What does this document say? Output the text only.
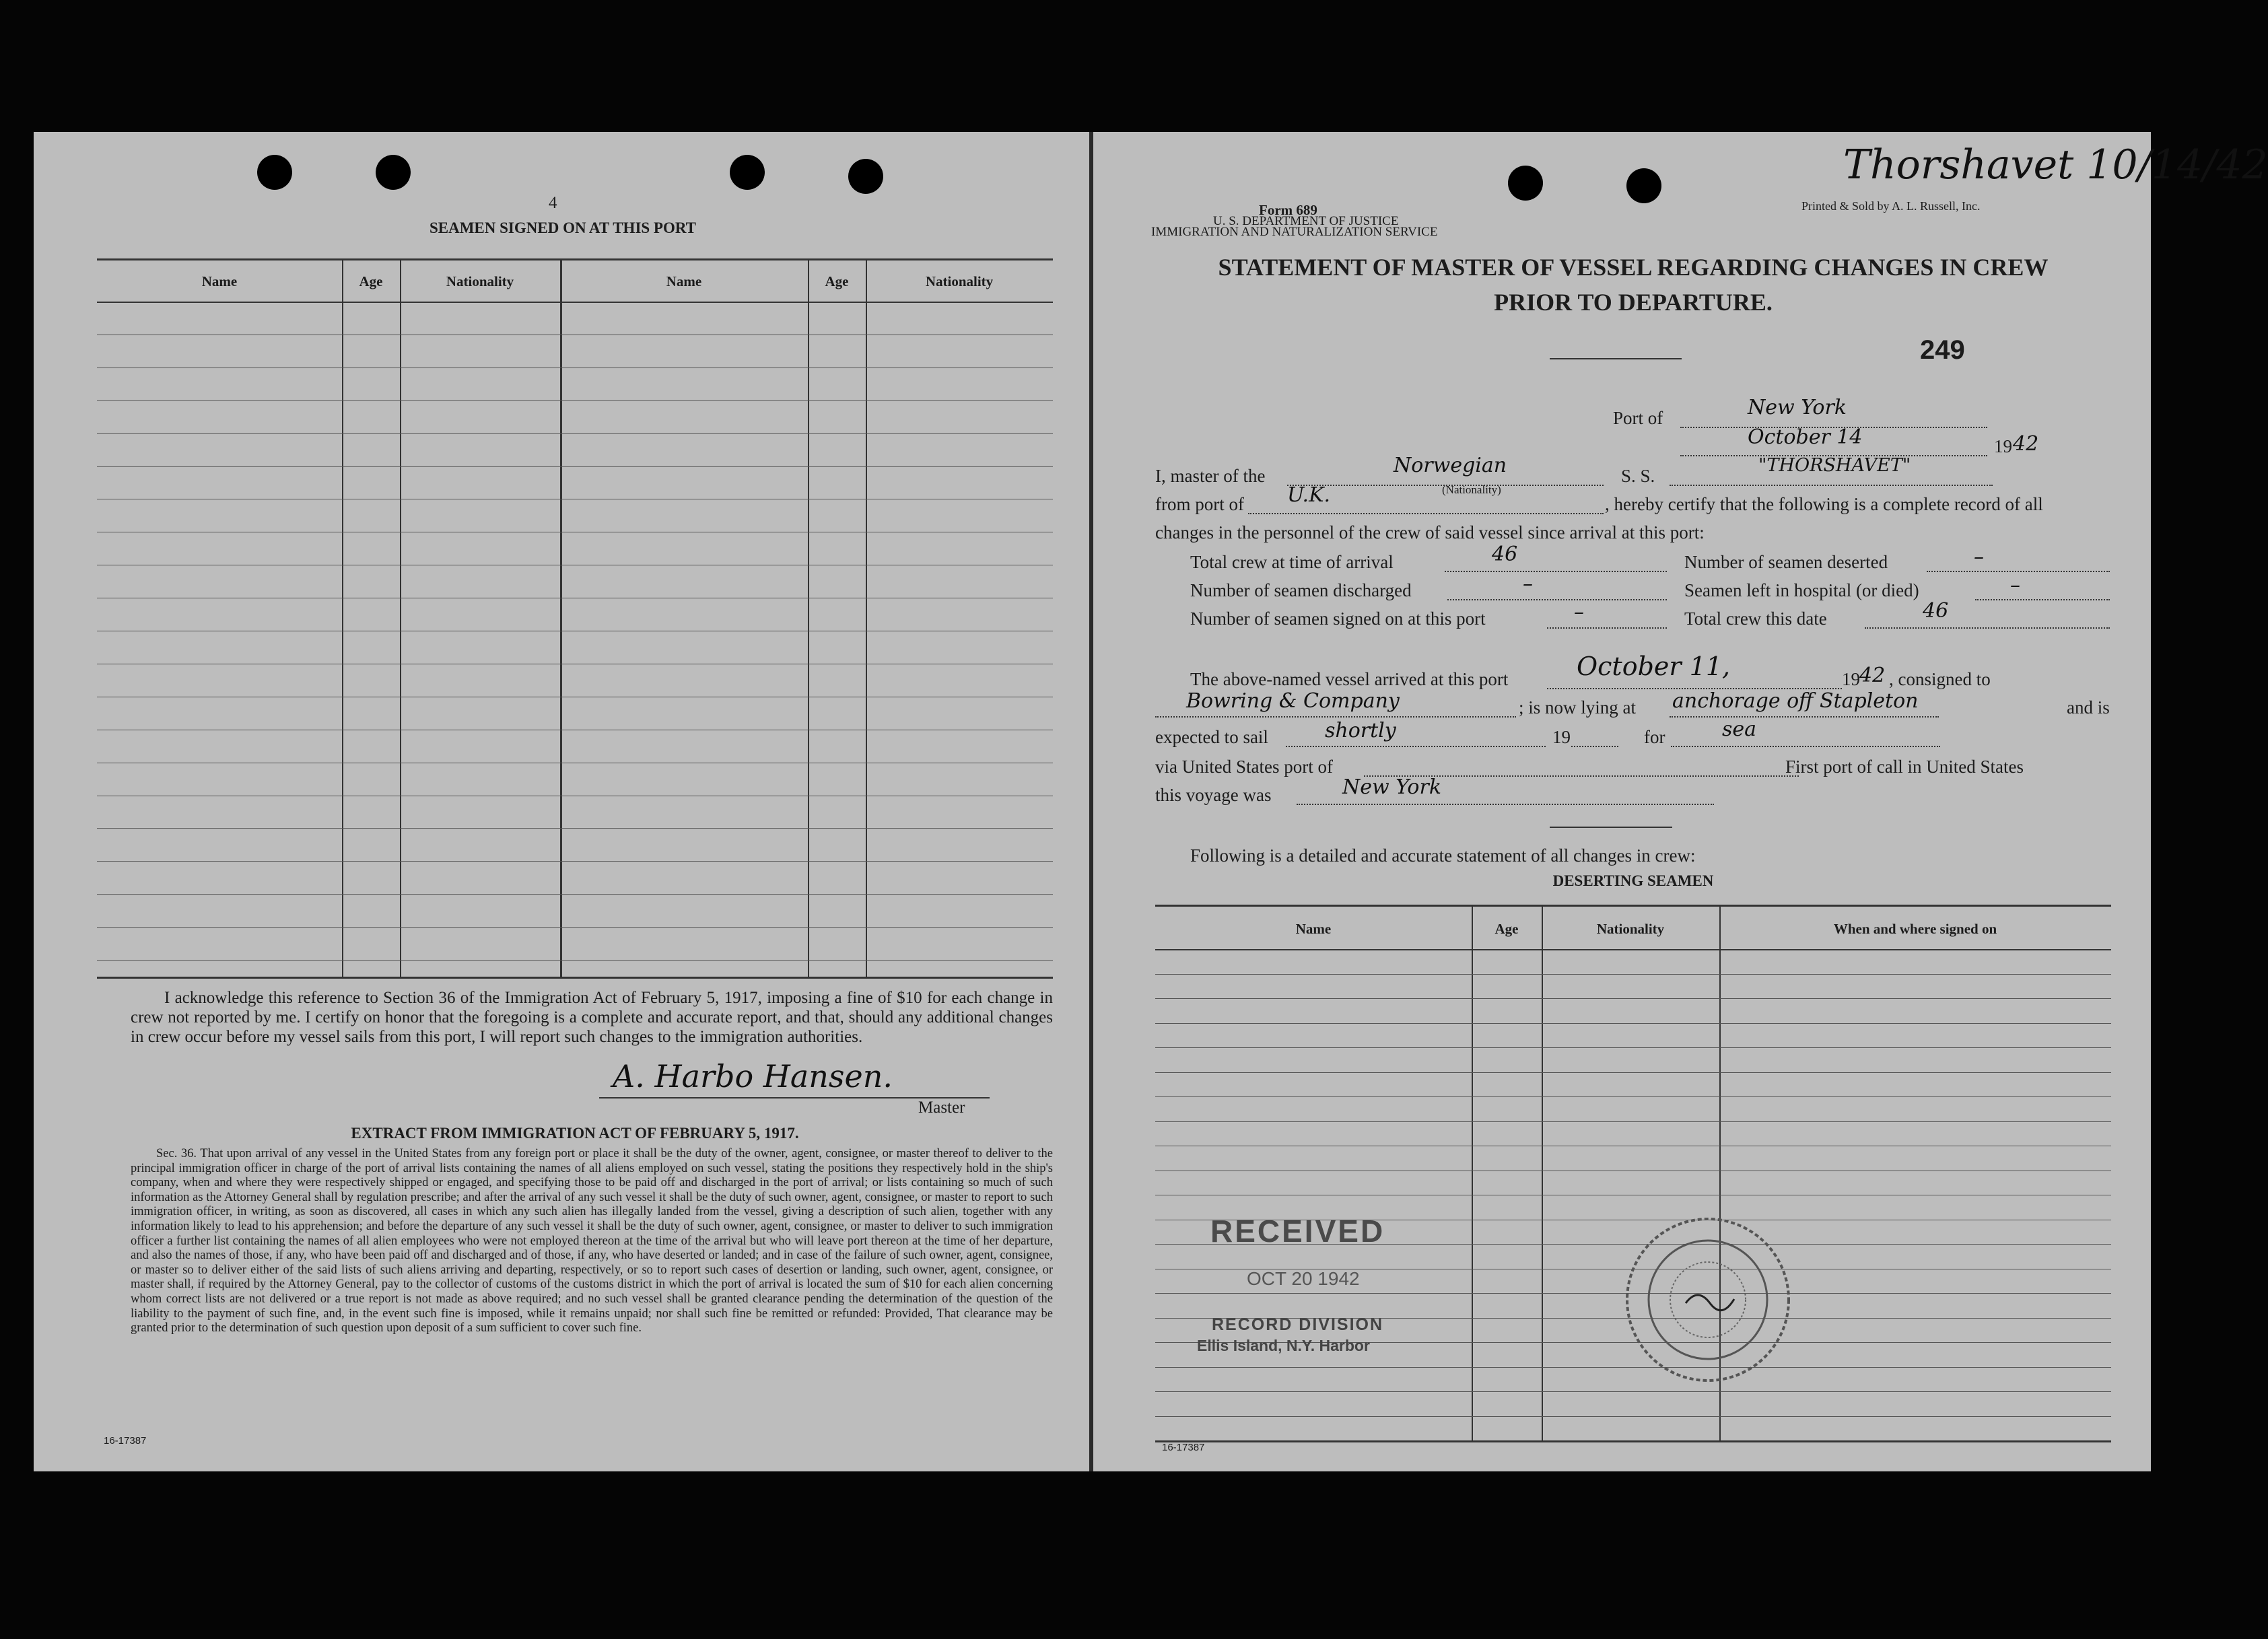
4
SEAMEN SIGNED ON AT THIS PORT
Name	Age	Nationality	Name	Age	Nationality
I acknowledge this reference to Section 36 of the Immigration Act of February 5, 1917, imposing a fine of $10 for each change in crew not reported by me. I certify on honor that the foregoing is a complete and accurate report, and that, should any additional changes in crew occur before my vessel sails from this port, I will report such changes to the immigration authorities.
A. Harbo Hansen.
Master
EXTRACT FROM IMMIGRATION ACT OF FEBRUARY 5, 1917.
Sec. 36. That upon arrival of any vessel in the United States from any foreign port or place it shall be the duty of the owner, agent, consignee, or master thereof to deliver to the principal immigration officer in charge of the port of arrival lists containing the names of all aliens employed on such vessel, stating the positions they respectively hold in the ship's company, when and where they were respectively shipped or engaged, and specifying those to be paid off and discharged in the port of arrival; or lists containing so much of such information as the Attorney General shall by regulation prescribe; and after the arrival of any such vessel it shall be the duty of such owner, agent, consignee, or master to report to such immigration officer, in writing, as soon as discovered, all cases in which any such alien has illegally landed from the vessel, giving a description of such alien, together with any information likely to lead to his apprehension; and before the departure of any such vessel it shall be the duty of such owner, agent, consignee, or master to deliver to such immigration officer a further list containing the names of all alien employees who were not employed thereon at the time of the arrival but who will leave port thereon at the time of her departure, and also the names of those, if any, who have been paid off and discharged and of those, if any, who have deserted or landed; and in case of the failure of such owner, agent, consignee, or master so to deliver either of the said lists of such aliens arriving and departing, respectively, or so to report such cases of desertion or landing, such owner, agent, consignee, or master shall, if required by the Attorney General, pay to the collector of customs of the customs district in which the port of arrival is located the sum of $10 for each alien concerning whom correct lists are not delivered or a true report is not made as above required; and no such vessel shall be granted clearance pending the determination of the question of the liability to the payment of such fine, and, in the event such fine is imposed, while it remains unpaid; nor shall such fine be remitted or refunded: Provided, That clearance may be granted prior to the determination of such question upon deposit of a sum sufficient to cover such fine.
16-17387
Thorshavet 10/14/42
Form 689
U. S. DEPARTMENT OF JUSTICE
IMMIGRATION AND NATURALIZATION SERVICE
Printed & Sold by A. L. Russell, Inc.
STATEMENT OF MASTER OF VESSEL REGARDING CHANGES IN CREW
PRIOR TO DEPARTURE.
249
Port of	New York
October 14	19 42
I, master of the	Norwegian
(Nationality)
S. S.	"THORSHAVET"
from port of U.K.	, hereby certify that the following is a complete record of all
changes in the personnel of the crew of said vessel since arrival at this port:
Total crew at time of arrival	46	Number of seamen deserted	–
Number of seamen discharged	–	Seamen left in hospital (or died)	–
Number of seamen signed on at this port	–	Total crew this date	46
The above-named vessel arrived at this port	October 11,	19 42 , consigned to
Bowring & Company	; is now lying at anchorage off Stapleton	and is
expected to sail	shortly	19	for	sea
via United States port of	First port of call in United States
this voyage was	New York
Following is a detailed and accurate statement of all changes in crew:
DESERTING SEAMEN
Name	Age	Nationality	When and where signed on
RECEIVED
OCT 20 1942
RECORD DIVISION
Ellis Island, N.Y. Harbor
16-17387
